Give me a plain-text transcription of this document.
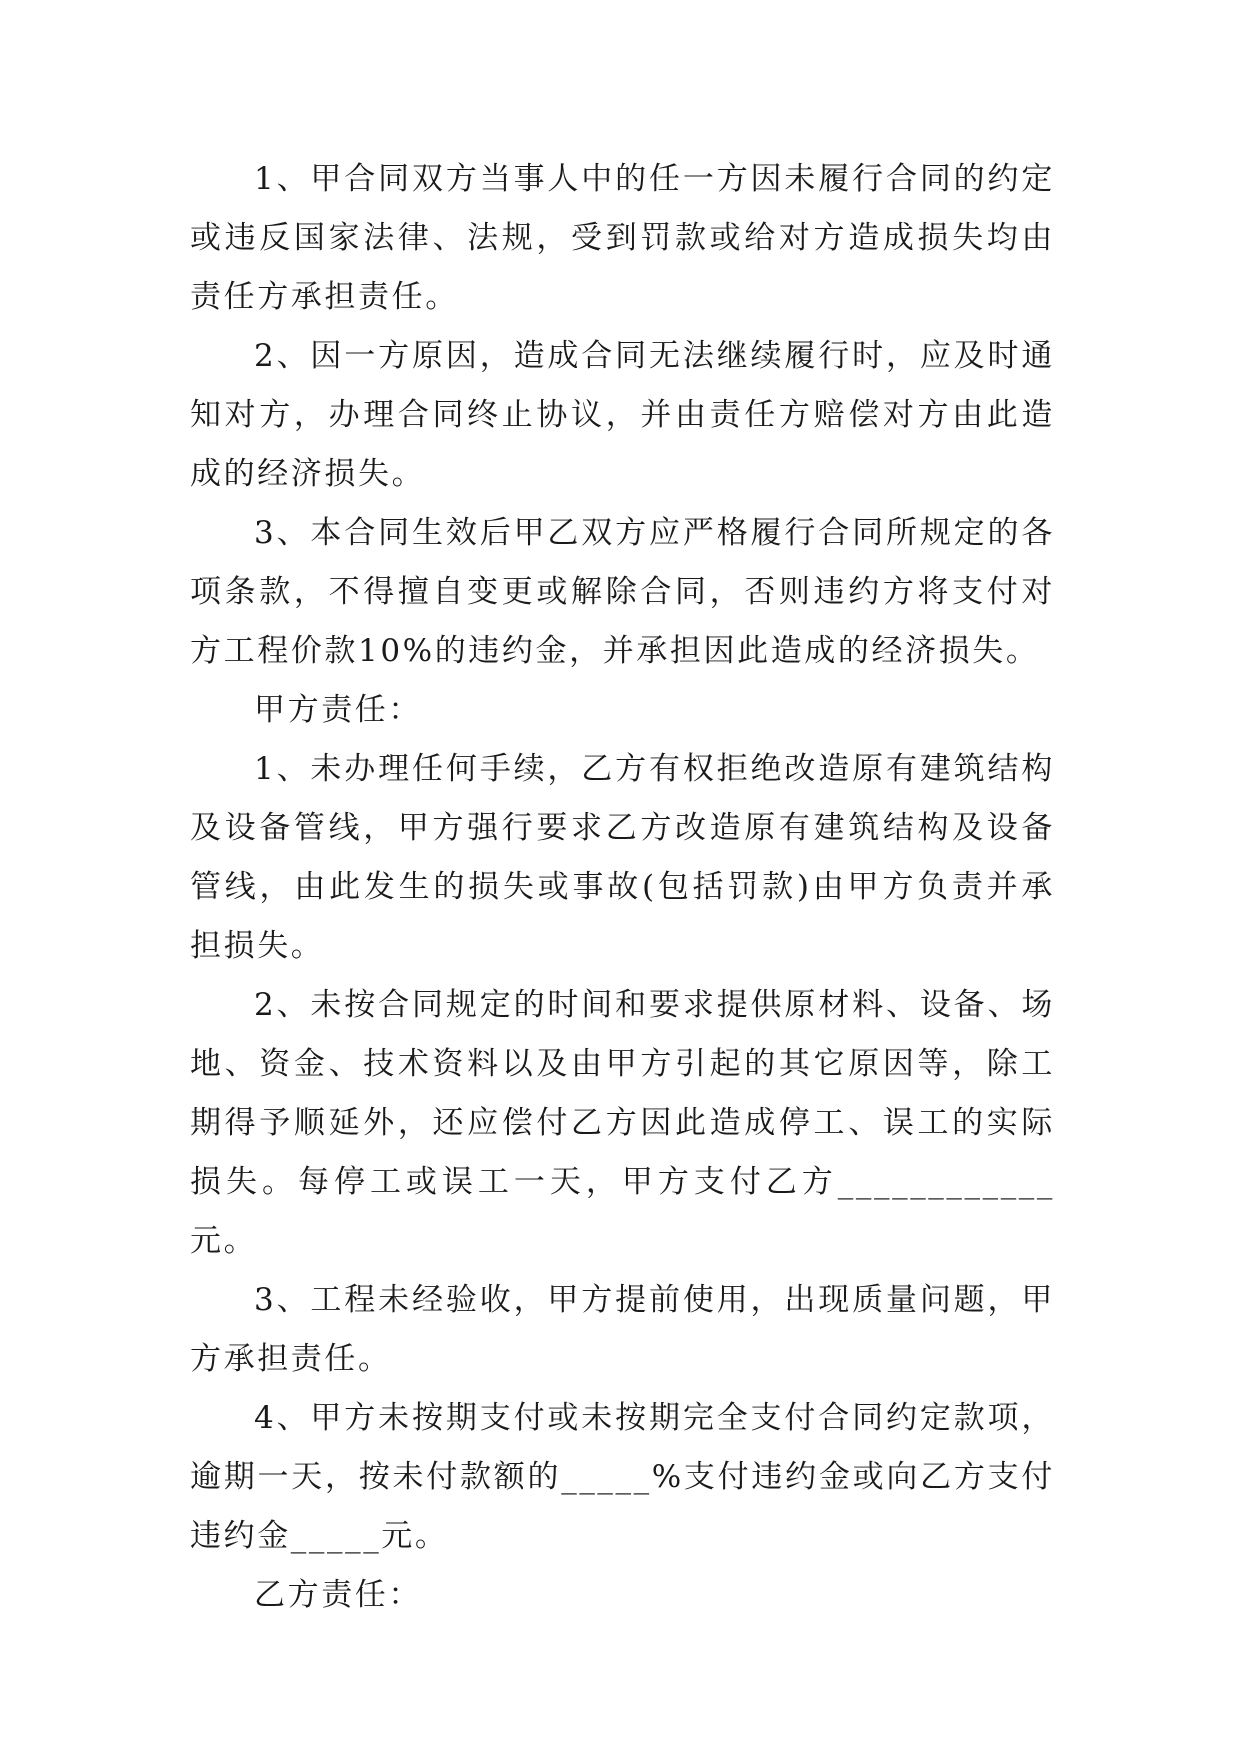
1、甲合同双方当事人中的任一方因未履行合同的约定或违反国家法律、法规，受到罚款或给对方造成损失均由责任方承担责任。

2、因一方原因，造成合同无法继续履行时，应及时通知对方，办理合同终止协议，并由责任方赔偿对方由此造成的经济损失。

3、本合同生效后甲乙双方应严格履行合同所规定的各项条款，不得擅自变更或解除合同，否则违约方将支付对方工程价款10%的违约金，并承担因此造成的经济损失。

甲方责任：

1、未办理任何手续，乙方有权拒绝改造原有建筑结构及设备管线，甲方强行要求乙方改造原有建筑结构及设备管线，由此发生的损失或事故(包括罚款)由甲方负责并承担损失。

2、未按合同规定的时间和要求提供原材料、设备、场地、资金、技术资料以及由甲方引起的其它原因等，除工期得予顺延外，还应偿付乙方因此造成停工、误工的实际损失。每停工或误工一天，甲方支付乙方____________元。

3、工程未经验收，甲方提前使用，出现质量问题，甲方承担责任。

4、甲方未按期支付或未按期完全支付合同约定款项，逾期一天，按未付款额的_____%支付违约金或向乙方支付违约金_____元。

乙方责任：
